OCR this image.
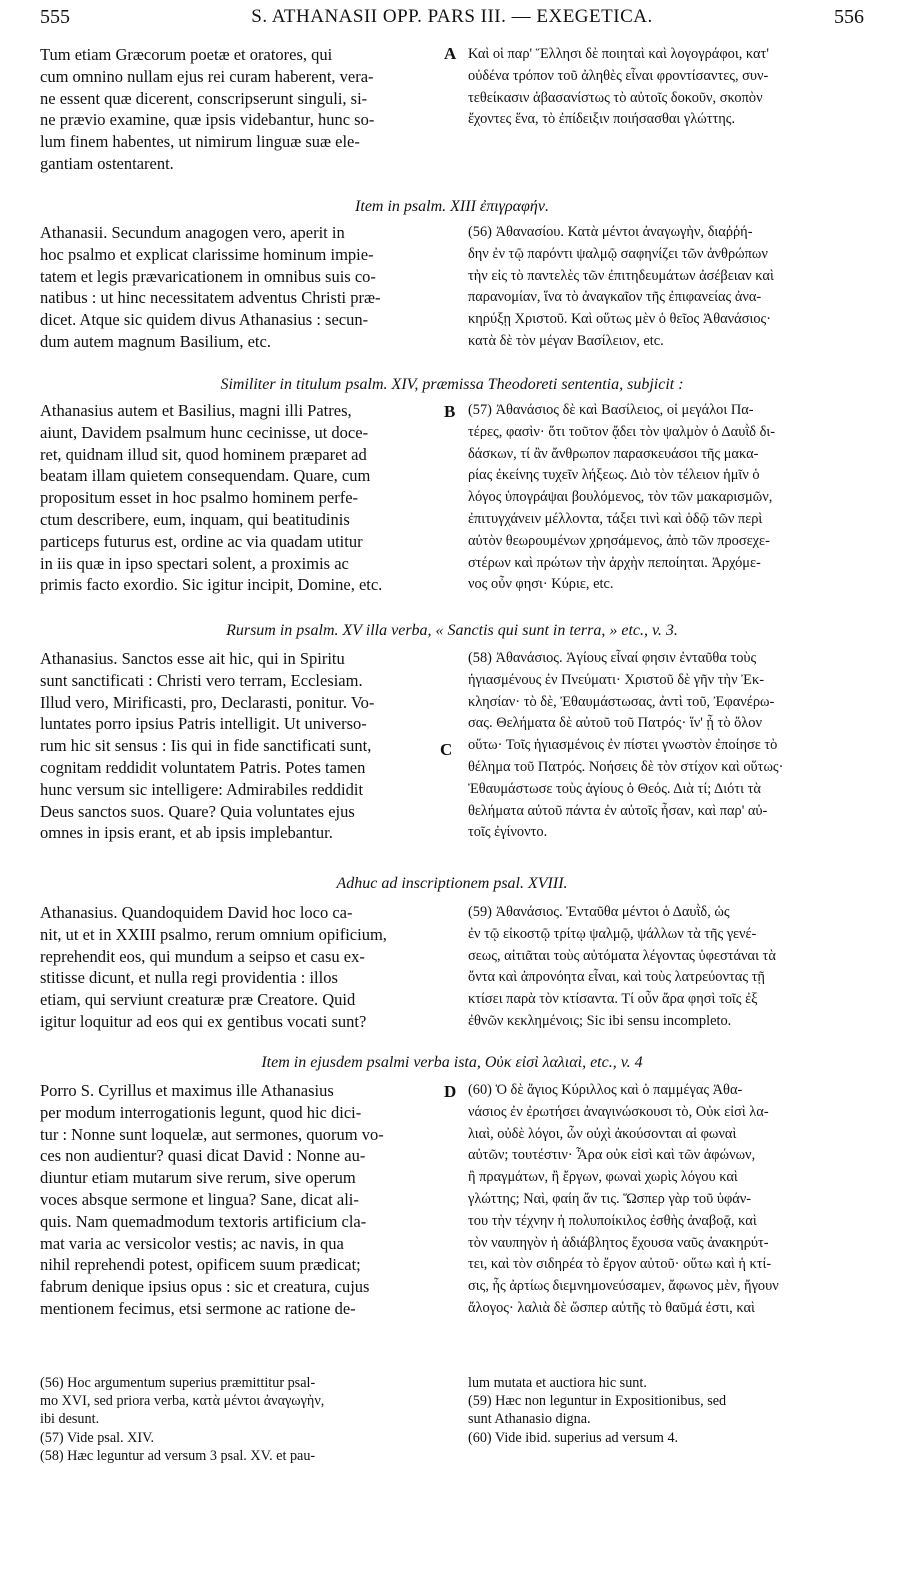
555	S. ATHANASII OPP. PARS III. — EXEGETICA.	556
Tum etiam Græcorum poetæ et oratores, qui
cum omnino nullam ejus rei curam haberent, vera-
ne essent quæ dicerent, conscripserunt singuli, si-
ne prævio examine, quæ ipsis videbantur, hunc so-
lum finem habentes, ut nimirum linguæ suæ ele-
gantiam ostentarent.
A Καὶ οἱ παρ' Ἕλλησι δὲ ποιηταὶ καὶ λογογράφοι, κατ'
οὐδένα τρόπον τοῦ ἀληθὲς εἶναι φροντίσαντες, συν-
τεθείκασιν ἀβασανίστως τὸ αὐτοῖς δοκοῦν, σκοπὸν
ἔχοντες ἕνα, τὸ ἐπίδειξιν ποιήσασθαι γλώττης.
Item in psalm. XIII ἐπιγραφήν.
Athanasii. Secundum anagogen vero, aperit in
hoc psalmo et explicat clarissime hominum impie-
tatem et legis prævaricationem in omnibus suis co-
natibus : ut hinc necessitatem adventus Christi præ-
dicet. Atque sic quidem divus Athanasius : secun-
dum autem magnum Basilium, etc.
(56) Ἀθανασίου. Κατὰ μέντοι ἀναγωγὴν, διαῤῥή-
δην ἐν τῷ παρόντι ψαλμῷ σαφηνίζει τῶν ἀνθρώπων
τὴν εἰς τὸ παντελὲς τῶν ἐπιτηδευμάτων ἀσέβειαν καὶ
παρανομίαν, ἵνα τὸ ἀναγκαῖον τῆς ἐπιφανείας ἀνα-
κηρύξῃ Χριστοῦ. Καὶ οὕτως μὲν ὁ θεῖος Ἀθανάσιος·
κατὰ δὲ τὸν μέγαν Βασίλειον, etc.
Similiter in titulum psalm. XIV, præmissa Theodoreti sententia, subjicit :
Athanasius autem et Basilius, magni illi Patres,
aiunt, Davidem psalmum hunc cecinisse, ut doce-
ret, quidnam illud sit, quod hominem præparet ad
beatam illam quietem consequendam. Quare, cum
propositum esset in hoc psalmo hominem perfe-
ctum describere, eum, inquam, qui beatitudinis
particeps futurus est, ordine ac via quadam utitur
in iis quæ in ipso spectari solent, a proximis ac
primis facto exordio. Sic igitur incipit, Domine, etc.
B (57) Ἀθανάσιος δὲ καὶ Βασίλειος, οἱ μεγάλοι Πα-
τέρες, φασὶν· ὅτι τοῦτον ᾄδει τὸν ψαλμὸν ὁ Δαυῒδ δι-
δάσκων, τί ἂν ἄνθρωπον παρασκευάσοι τῆς μακα-
ρίας ἐκείνης τυχεῖν λήξεως. Διὸ τὸν τέλειον ἡμῖν ὁ
λόγος ὑπογράψαι βουλόμενος, τὸν τῶν μακαρισμῶν,
ἐπιτυγχάνειν μέλλοντα, τάξει τινὶ καὶ ὁδῷ τῶν περὶ
αὐτὸν θεωρουμένων χρησάμενος, ἀπὸ τῶν προσεχε-
στέρων καὶ πρώτων τὴν ἀρχὴν πεποίηται. Ἀρχόμε-
νος οὖν φησι· Κύριε, etc.
Rursum in psalm. XV illa verba, « Sanctis qui sunt in terra, » etc., v. 3.
Athanasius. Sanctos esse ait hic, qui in Spiritu
sunt sanctificati : Christi vero terram, Ecclesiam.
Illud vero, Mirificasti, pro, Declarasti, ponitur. Vo-
luntates porro ipsius Patris intelligit. Ut universo-
rum hic sit sensus : Iis qui in fide sanctificati sunt,
cognitam reddidit voluntatem Patris. Potes tamen
hunc versum sic intelligere: Admirabiles reddidit
Deus sanctos suos. Quare? Quia voluntates ejus
omnes in ipsis erant, et ab ipsis implebantur.
C
(58) Ἀθανάσιος. Ἁγίους εἶναί φησιν ἐνταῦθα τοὺς
ἡγιασμένους ἐν Πνεύματι· Χριστοῦ δὲ γῆν τὴν Ἐκ-
κλησίαν· τὸ δὲ, Ἐθαυμάστωσας, ἀντὶ τοῦ, Ἐφανέρω-
σας. Θελήματα δὲ αὐτοῦ τοῦ Πατρός· ἵν' ᾖ τὸ ὅλον
οὕτω· Τοῖς ἡγιασμένοις ἐν πίστει γνωστὸν ἐποίησε τὸ
θέλημα τοῦ Πατρός. Νοήσεις δὲ τὸν στίχον καὶ οὕτως·
Ἐθαυμάστωσε τοὺς ἁγίους ὁ Θεός. Διὰ τί; Διότι τὰ
θελήματα αὐτοῦ πάντα ἐν αὐτοῖς ἦσαν, καὶ παρ' αὐ-
τοῖς ἐγίνοντο.
Adhuc ad inscriptionem psal. XVIII.
Athanasius. Quandoquidem David hoc loco ca-
nit, ut et in XXIII psalmo, rerum omnium opificium,
reprehendit eos, qui mundum a seipso et casu ex-
stitisse dicunt, et nulla regi providentia : illos
etiam, qui serviunt creaturæ præ Creatore. Quid
igitur loquitur ad eos qui ex gentibus vocati sunt?
(59) Ἀθανάσιος. Ἐνταῦθα μέντοι ὁ Δαυῒδ, ὡς
ἐν τῷ εἰκοστῷ τρίτῳ ψαλμῷ, ψάλλων τὰ τῆς γενέ-
σεως, αἰτιᾶται τοὺς αὐτόματα λέγοντας ὑφεστάναι τὰ
ὄντα καὶ ἀπρονόητα εἶναι, καὶ τοὺς λατρεύοντας τῇ
κτίσει παρὰ τὸν κτίσαντα. Τί οὖν ἄρα φησὶ τοῖς ἐξ
ἐθνῶν κεκλημένοις; Sic ibi sensu incompleto.
Item in ejusdem psalmi verba ista, Οὐκ εἰσὶ λαλιαὶ, etc., v. 4
Porro S. Cyrillus et maximus ille Athanasius
per modum interrogationis legunt, quod hic dici-
tur : Nonne sunt loquelæ, aut sermones, quorum vo-
ces non audientur? quasi dicat David : Nonne au-
diuntur etiam mutarum sive rerum, sive operum
voces absque sermone et lingua? Sane, dicat ali-
quis. Nam quemadmodum textoris artificium cla-
mat varia ac versicolor vestis; ac navis, in qua
nihil reprehendi potest, opificem suum prædicat;
fabrum denique ipsius opus : sic et creatura, cujus
mentionem fecimus, etsi sermone ac ratione de-
D (60) Ὁ δὲ ἅγιος Κύριλλος καὶ ὁ παμμέγας Ἀθα-
νάσιος ἐν ἐρωτήσει ἀναγινώσκουσι τὸ, Οὐκ εἰσὶ λα-
λιαὶ, οὐδὲ λόγοι, ὧν οὐχὶ ἀκούσονται αἱ φωναὶ
αὐτῶν; τουτέστιν· Ἆρα οὐκ εἰσὶ καὶ τῶν ἀφώνων,
ἢ πραγμάτων, ἢ ἔργων, φωναὶ χωρὶς λόγου καὶ
γλώττης; Ναὶ, φαίη ἄν τις. Ὥσπερ γὰρ τοῦ ὑφάν-
του τὴν τέχνην ἡ πολυποίκιλος ἐσθὴς ἀναβοᾷ, καὶ
τὸν ναυπηγὸν ἡ ἀδιάβλητος ἔχουσα ναῦς ἀνακηρύτ-
τει, καὶ τὸν σιδηρέα τὸ ἔργον αὐτοῦ· οὕτω καὶ ἡ κτί-
σις, ἧς ἀρτίως διεμνημονεύσαμεν, ἄφωνος μὲν, ἤγουν
ἄλογος· λαλιὰ δὲ ὥσπερ αὐτῆς τὸ θαῦμά ἐστι, καὶ
(56) Hoc argumentum superius præmittitur psal-
mo XVI, sed priora verba, κατὰ μέντοι ἀναγωγὴν,
ibi desunt.
(57) Vide psal. XIV.
(58) Hæc leguntur ad versum 3 psal. XV. et pau-
lum mutata et auctiora hic sunt.
(59) Hæc non leguntur in Expositionibus, sed
sunt Athanasio digna.
(60) Vide ibid. superius ad versum 4.
